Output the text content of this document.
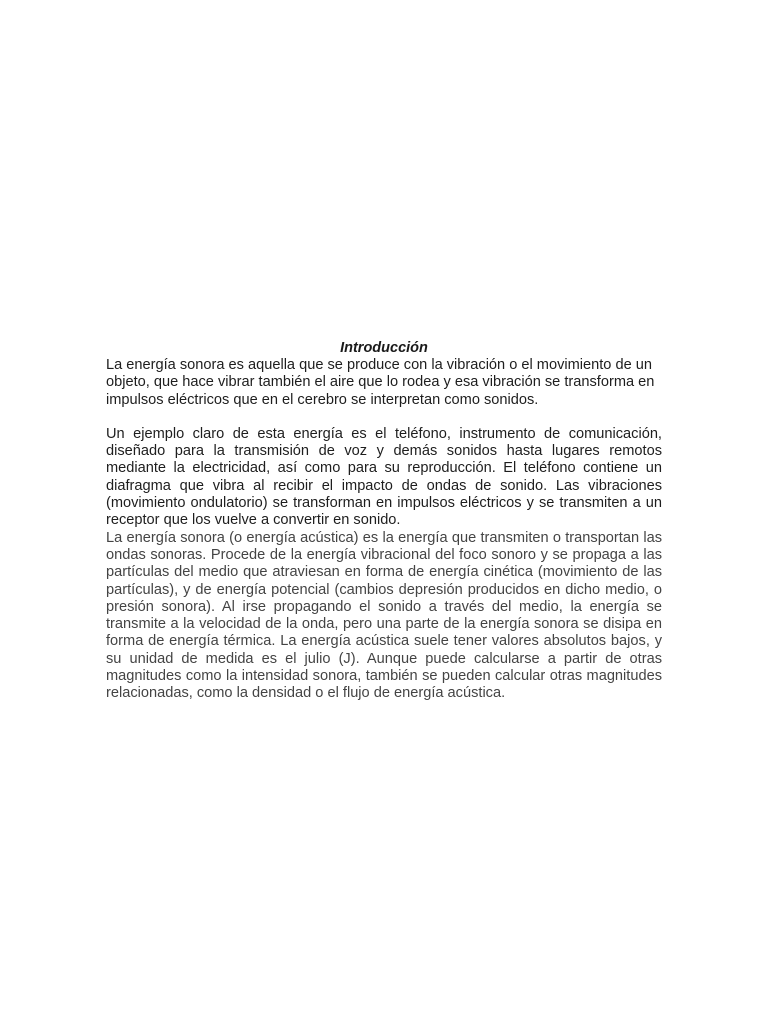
Introducción

La energía sonora es aquella que se produce con la vibración o el movimiento de un objeto, que hace vibrar también el aire que lo rodea y esa vibración se transforma en impulsos eléctricos que en el cerebro se interpretan como sonidos.

Un ejemplo claro de esta energía es el teléfono, instrumento de comunicación, diseñado para la transmisión de voz y demás sonidos hasta lugares remotos mediante la electricidad, así como para su reproducción. El teléfono contiene un diafragma que vibra al recibir el impacto de ondas de sonido. Las vibraciones (movimiento ondulatorio) se transforman en impulsos eléctricos y se transmiten a un receptor que los vuelve a convertir en sonido.

La energía sonora (o energía acústica) es la energía que transmiten o transportan las ondas sonoras. Procede de la energía vibracional del foco sonoro y se propaga a las partículas del medio que atraviesan en forma de energía cinética (movimiento de las partículas), y de energía potencial (cambios depresión producidos en dicho medio, o presión sonora). Al irse propagando el sonido a través del medio, la energía se transmite a la velocidad de la onda, pero una parte de la energía sonora se disipa en forma de energía térmica. La energía acústica suele tener valores absolutos bajos, y su unidad de medida es el julio (J). Aunque puede calcularse a partir de otras magnitudes como la intensidad sonora, también se pueden calcular otras magnitudes relacionadas, como la densidad o el flujo de energía acústica.
